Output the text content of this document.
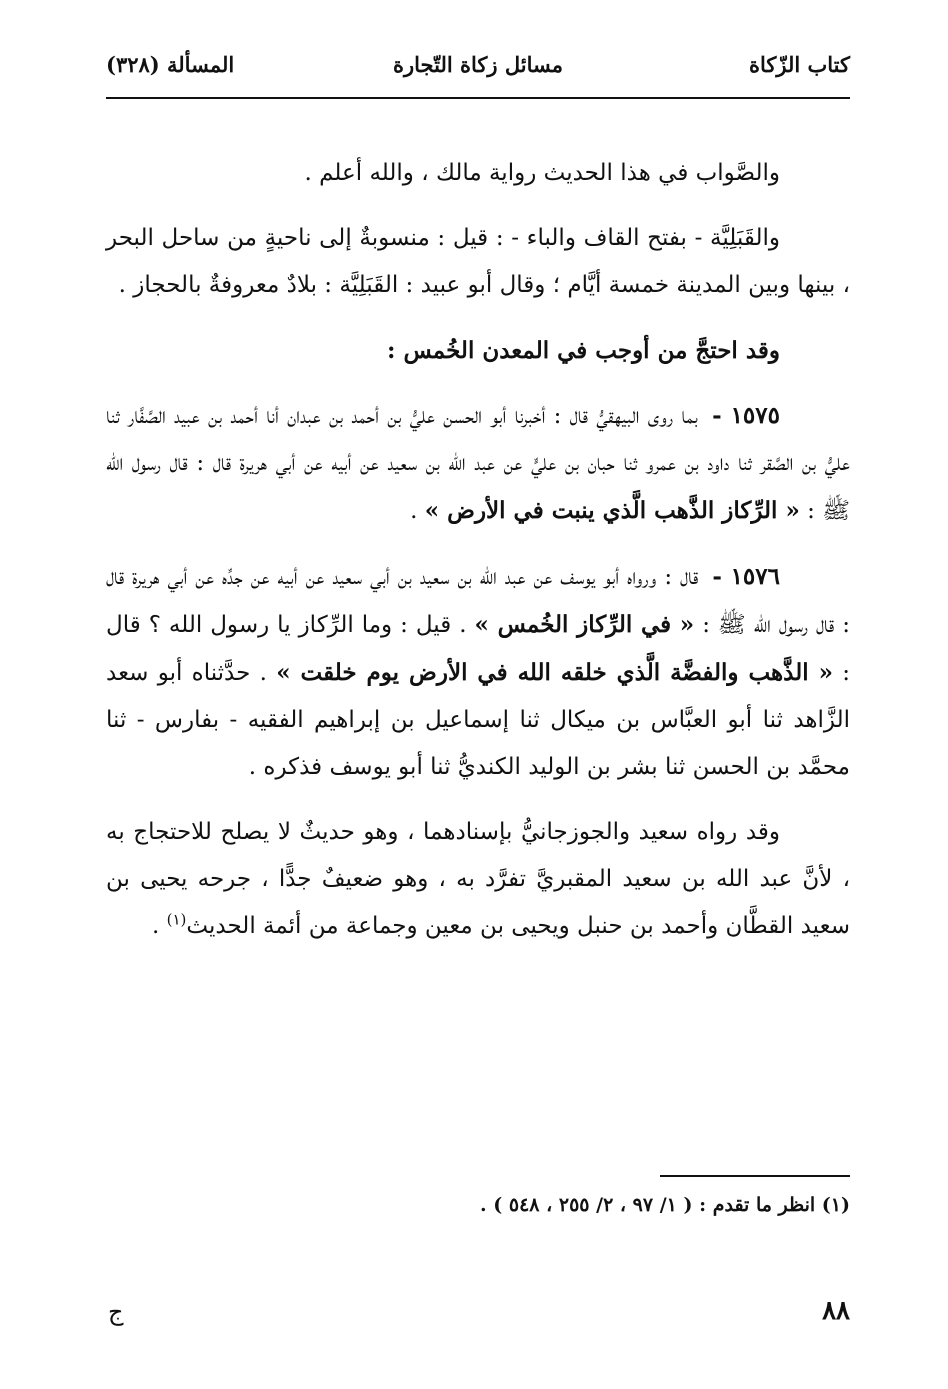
كتاب الزّكاة
مسائل زكاة التّجارة
المسألة (٣٢٨)

والصَّواب في هذا الحديث رواية مالك ، والله أعلم .

والقَبَلِيَّة - بفتح القاف والباء - : قيل : منسوبةٌ إلى ناحيةٍ من ساحل البحر ، بينها وبين المدينة خمسة أيَّام ؛ وقال أبو عبيد : القَبَلِيَّة : بلادٌ معروفةٌ بالحجاز .

وقد احتجَّ من أوجب في المعدن الخُمس :

١٥٧٥ - بما روى البيهقيُّ قال : أخبرنا أبو الحسن عليُّ بن أحمد بن عبدان أنا أحمد بن عبيد الصَّفَّار ثنا عليُّ بن الصَّقر ثنا داود بن عمرو ثنا حبان بن عليٍّ عن عبد الله بن سعيد عن أبيه عن أبي هريرة قال : قال رسول الله ﷺ : « الرِّكاز الذَّهب الَّذي ينبت في الأرض » .

١٥٧٦ - قال : ورواه أبو يوسف عن عبد الله بن سعيد بن أبي سعيد عن أبيه عن جدِّه عن أبي هريرة قال : قال رسول الله ﷺ : « في الرِّكاز الخُمس » . قيل : وما الرِّكاز يا رسول الله ؟ قال : « الذَّهب والفضَّة الَّذي خلقه الله في الأرض يوم خلقت » . حدَّثناه أبو سعد الزَّاهد ثنا أبو العبَّاس بن ميكال ثنا إسماعيل بن إبراهيم الفقيه - بفارس - ثنا محمَّد بن الحسن ثنا بشر بن الوليد الكنديُّ ثنا أبو يوسف فذكره .

وقد رواه سعيد والجوزجانيُّ بإسنادهما ، وهو حديثٌ لا يصلح للاحتجاج به ، لأنَّ عبد الله بن سعيد المقبريَّ تفرَّد به ، وهو ضعيفٌ جدًّا ، جرحه يحيى بن سعيد القطَّان وأحمد بن حنبل ويحيى بن معين وجماعة من أئمة الحديث$^{(١)}$ .

(١) انظر ما تقدم : ( ١/ ٩٧ ، ٢/ ٢٥٥ ، ٥٤٨ ) .
٨٨
ج
